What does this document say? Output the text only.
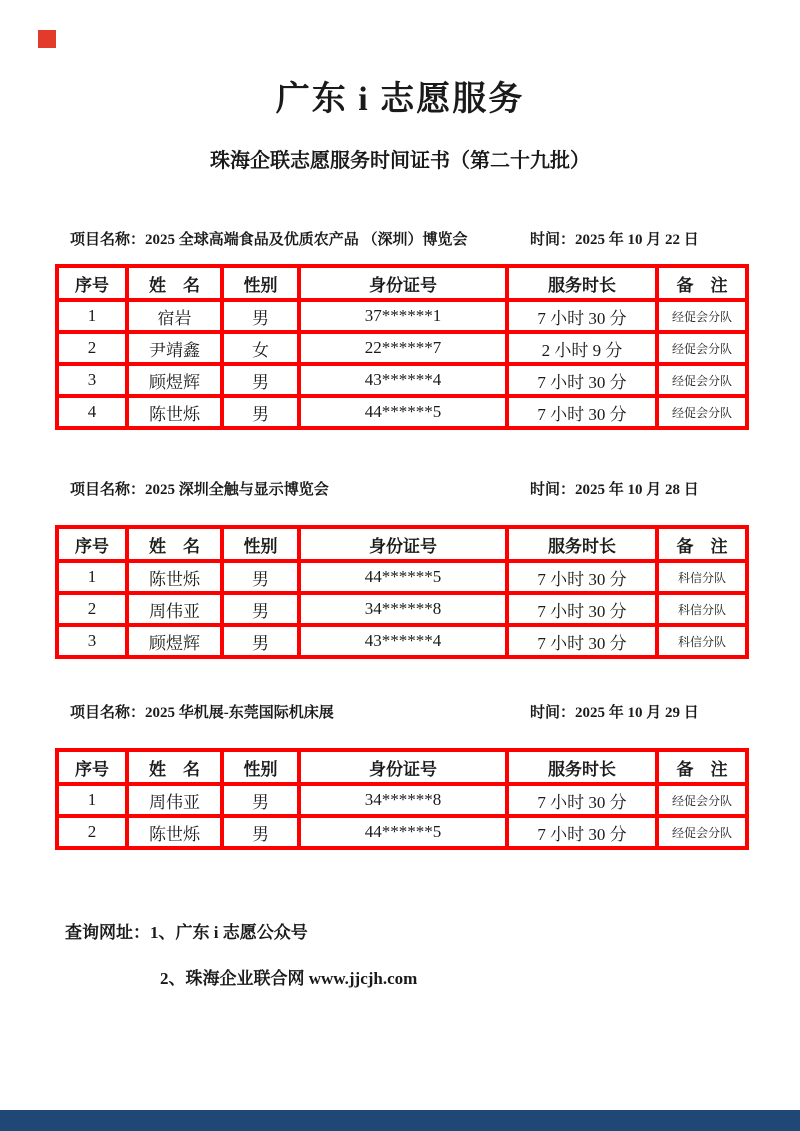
广东 i 志愿服务
珠海企联志愿服务时间证书（第二十九批）
项目名称：2025 全球高端食品及优质农产品 （深圳）博览会	时间：2025 年 10 月 22 日
序号	姓　名	性别	身份证号	服务时长	备　注
1	宿岩	男	37******1	7 小时 30 分	经促会分队
2	尹靖鑫	女	22******7	2 小时 9 分	经促会分队
3	顾煜辉	男	43******4	7 小时 30 分	经促会分队
4	陈世烁	男	44******5	7 小时 30 分	经促会分队
项目名称：2025 深圳全触与显示博览会	时间：2025 年 10 月 28 日
序号	姓　名	性别	身份证号	服务时长	备　注
1	陈世烁	男	44******5	7 小时 30 分	科信分队
2	周伟亚	男	34******8	7 小时 30 分	科信分队
3	顾煜辉	男	43******4	7 小时 30 分	科信分队
项目名称：2025 华机展-东莞国际机床展	时间：2025 年 10 月 29 日
序号	姓　名	性别	身份证号	服务时长	备　注
1	周伟亚	男	34******8	7 小时 30 分	经促会分队
2	陈世烁	男	44******5	7 小时 30 分	经促会分队

查询网址：1、广东 i 志愿公众号

2、珠海企业联合网 www.jjcjh.com
